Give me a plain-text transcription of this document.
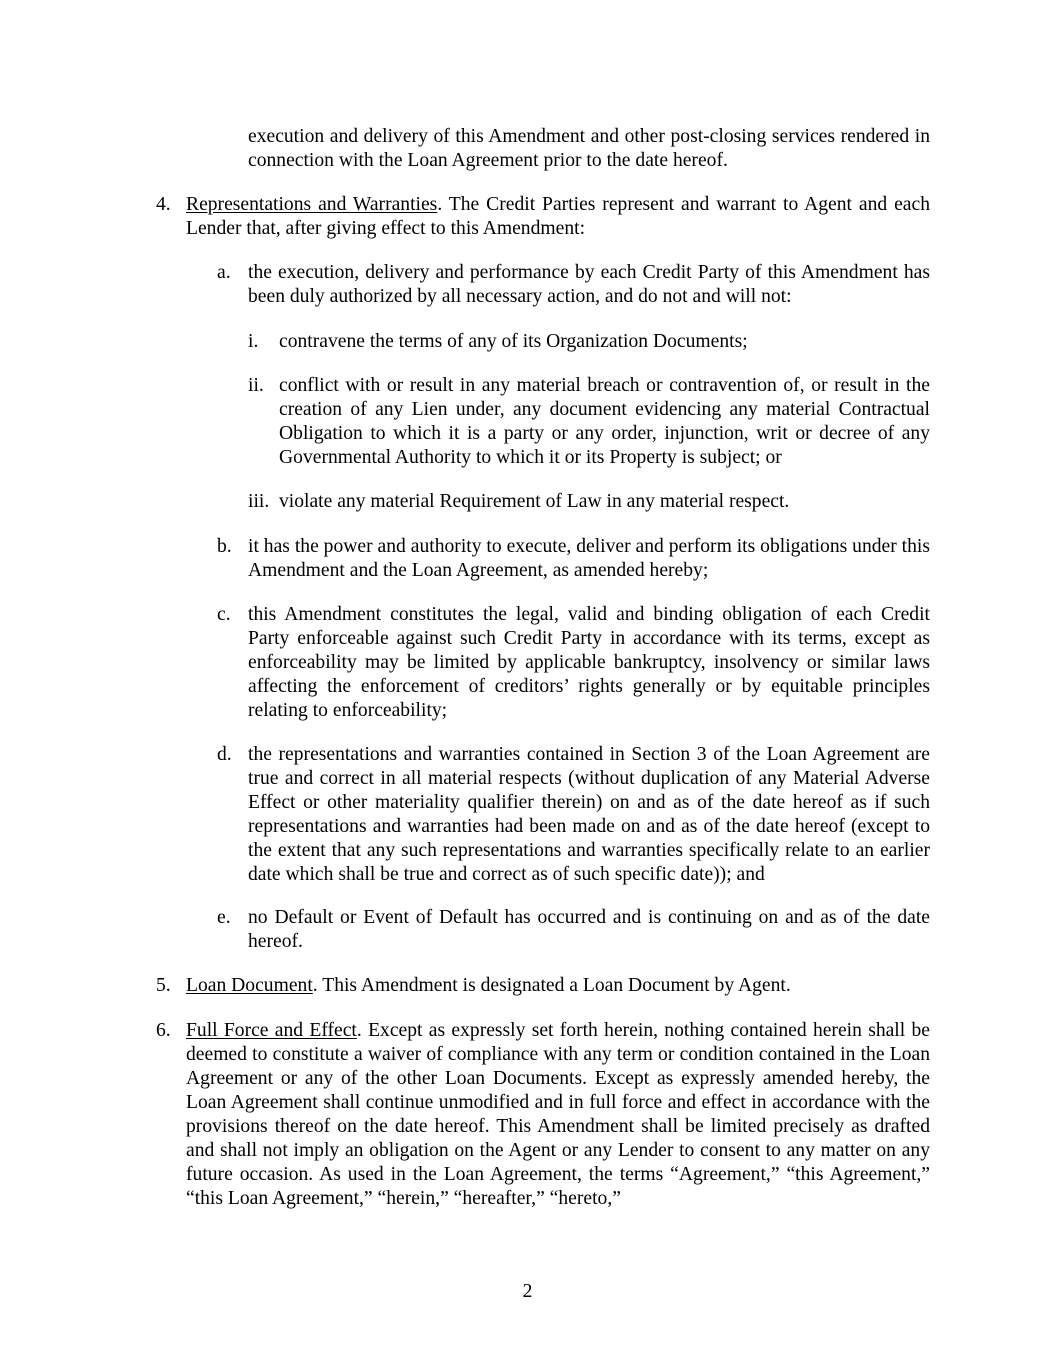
execution and delivery of this Amendment and other post-closing services rendered in connection with the Loan Agreement prior to the date hereof.
4. Representations and Warranties. The Credit Parties represent and warrant to Agent and each Lender that, after giving effect to this Amendment:
a. the execution, delivery and performance by each Credit Party of this Amendment has been duly authorized by all necessary action, and do not and will not:
i. contravene the terms of any of its Organization Documents;
ii. conflict with or result in any material breach or contravention of, or result in the creation of any Lien under, any document evidencing any material Contractual Obligation to which it is a party or any order, injunction, writ or decree of any Governmental Authority to which it or its Property is subject; or
iii. violate any material Requirement of Law in any material respect.
b. it has the power and authority to execute, deliver and perform its obligations under this Amendment and the Loan Agreement, as amended hereby;
c. this Amendment constitutes the legal, valid and binding obligation of each Credit Party enforceable against such Credit Party in accordance with its terms, except as enforceability may be limited by applicable bankruptcy, insolvency or similar laws affecting the enforcement of creditors’ rights generally or by equitable principles relating to enforceability;
d. the representations and warranties contained in Section 3 of the Loan Agreement are true and correct in all material respects (without duplication of any Material Adverse Effect or other materiality qualifier therein) on and as of the date hereof as if such representations and warranties had been made on and as of the date hereof (except to the extent that any such representations and warranties specifically relate to an earlier date which shall be true and correct as of such specific date)); and
e. no Default or Event of Default has occurred and is continuing on and as of the date hereof.
5. Loan Document. This Amendment is designated a Loan Document by Agent.
6. Full Force and Effect. Except as expressly set forth herein, nothing contained herein shall be deemed to constitute a waiver of compliance with any term or condition contained in the Loan Agreement or any of the other Loan Documents. Except as expressly amended hereby, the Loan Agreement shall continue unmodified and in full force and effect in accordance with the provisions thereof on the date hereof. This Amendment shall be limited precisely as drafted and shall not imply an obligation on the Agent or any Lender to consent to any matter on any future occasion. As used in the Loan Agreement, the terms “Agreement,” “this Agreement,” “this Loan Agreement,” “herein,” “hereafter,” “hereto,”
2
